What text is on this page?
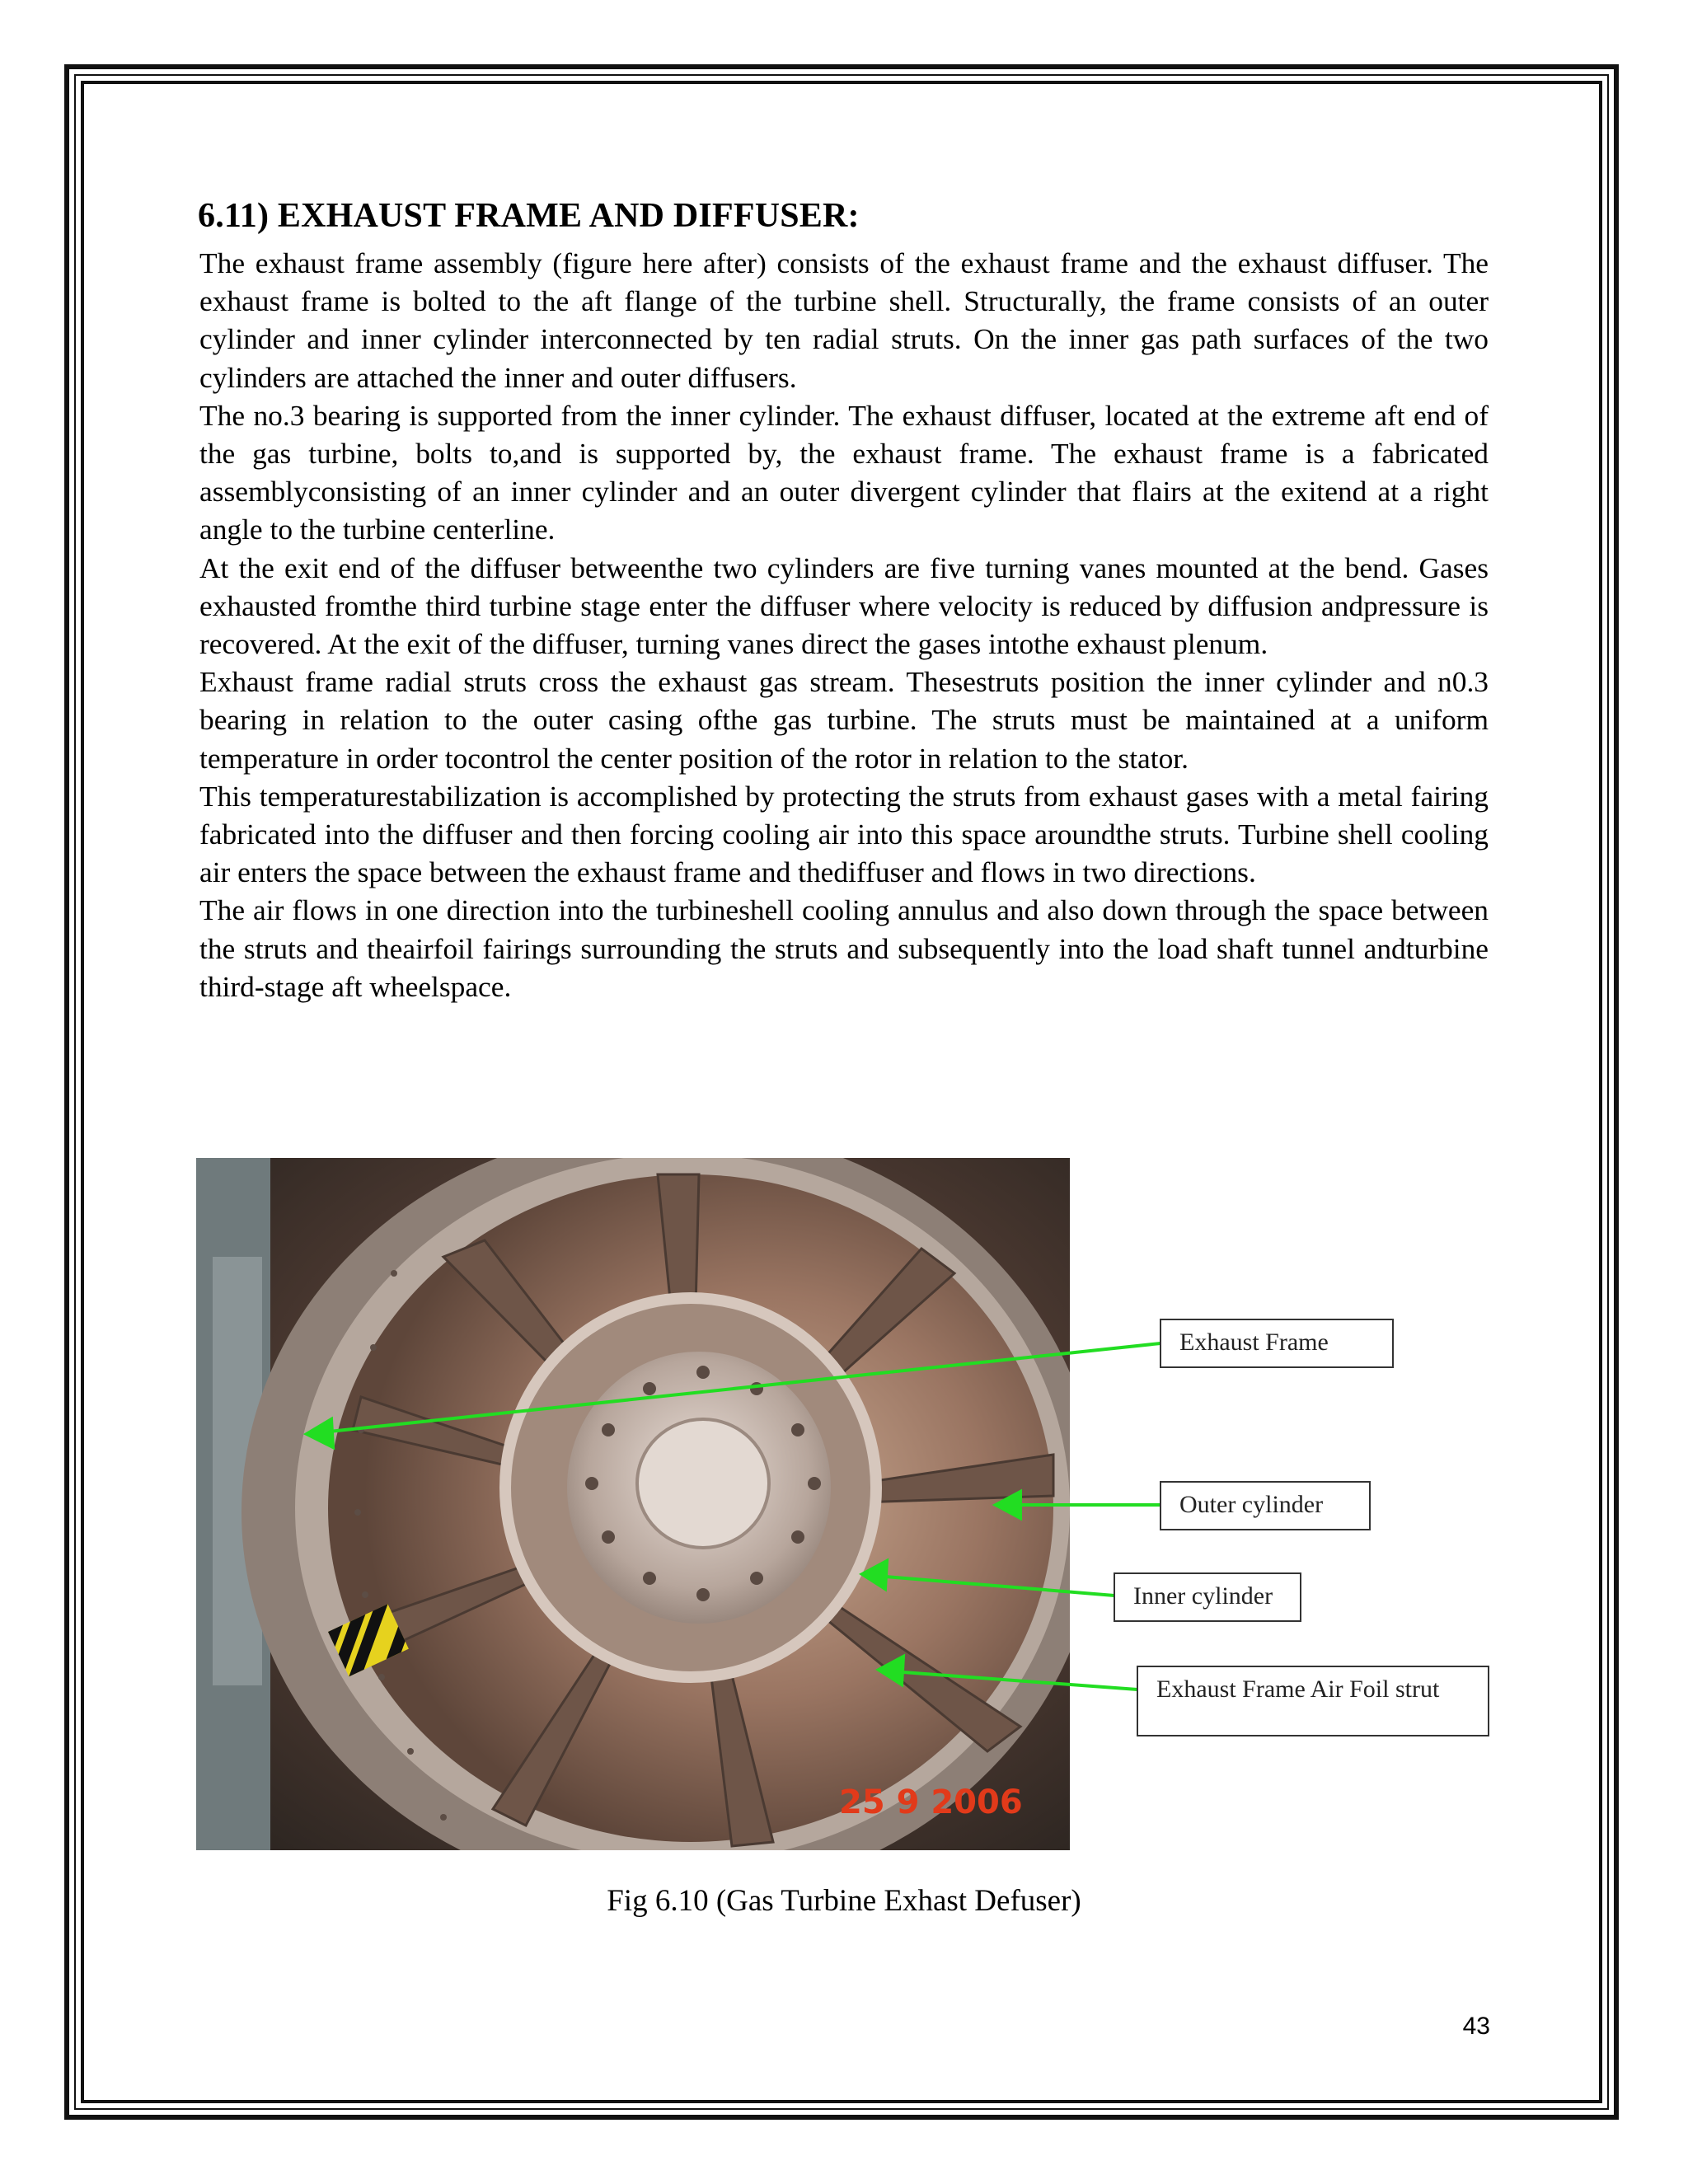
6.11) EXHAUST FRAME AND DIFFUSER:

The exhaust frame assembly (figure here after) consists of the exhaust frame and the exhaust diffuser. The exhaust frame is bolted to the aft flange of the turbine shell. Structurally, the frame consists of an outer cylinder and inner cylinder interconnected by ten radial struts. On the inner gas path surfaces of the two cylinders are attached the inner and outer diffusers.

The no.3 bearing is supported from the inner cylinder. The exhaust diffuser, located at the extreme aft end of the gas turbine, bolts to,and is supported by, the exhaust frame. The exhaust frame is a fabricated assemblyconsisting of an inner cylinder and an outer divergent cylinder that flairs at the exitend at a right angle to the turbine centerline.

At the exit end of the diffuser betweenthe two cylinders are five turning vanes mounted at the bend. Gases exhausted fromthe third turbine stage enter the diffuser where velocity is reduced by diffusion andpressure is recovered. At the exit of the diffuser, turning vanes direct the gases intothe exhaust plenum.

Exhaust frame radial struts cross the exhaust gas stream. Thesestruts position the inner cylinder and n0.3 bearing in relation to the outer casing ofthe gas turbine. The struts must be maintained at a uniform temperature in order tocontrol the center position of the rotor in relation to the stator.

This temperaturestabilization is accomplished by protecting the struts from exhaust gases with a metal fairing fabricated into the diffuser and then forcing cooling air into this space aroundthe struts. Turbine shell cooling air enters the space between the exhaust frame and thediffuser and flows in two directions.

The air flows in one direction into the turbineshell cooling annulus and also down through the space between the struts and theairfoil fairings surrounding the struts and subsequently into the load shaft tunnel andturbine third-stage aft wheelspace.

25 9 2006
Exhaust Frame
Outer cylinder
Inner cylinder
Exhaust Frame Air Foil strut
Fig 6.10 (Gas Turbine Exhast Defuser)
43
